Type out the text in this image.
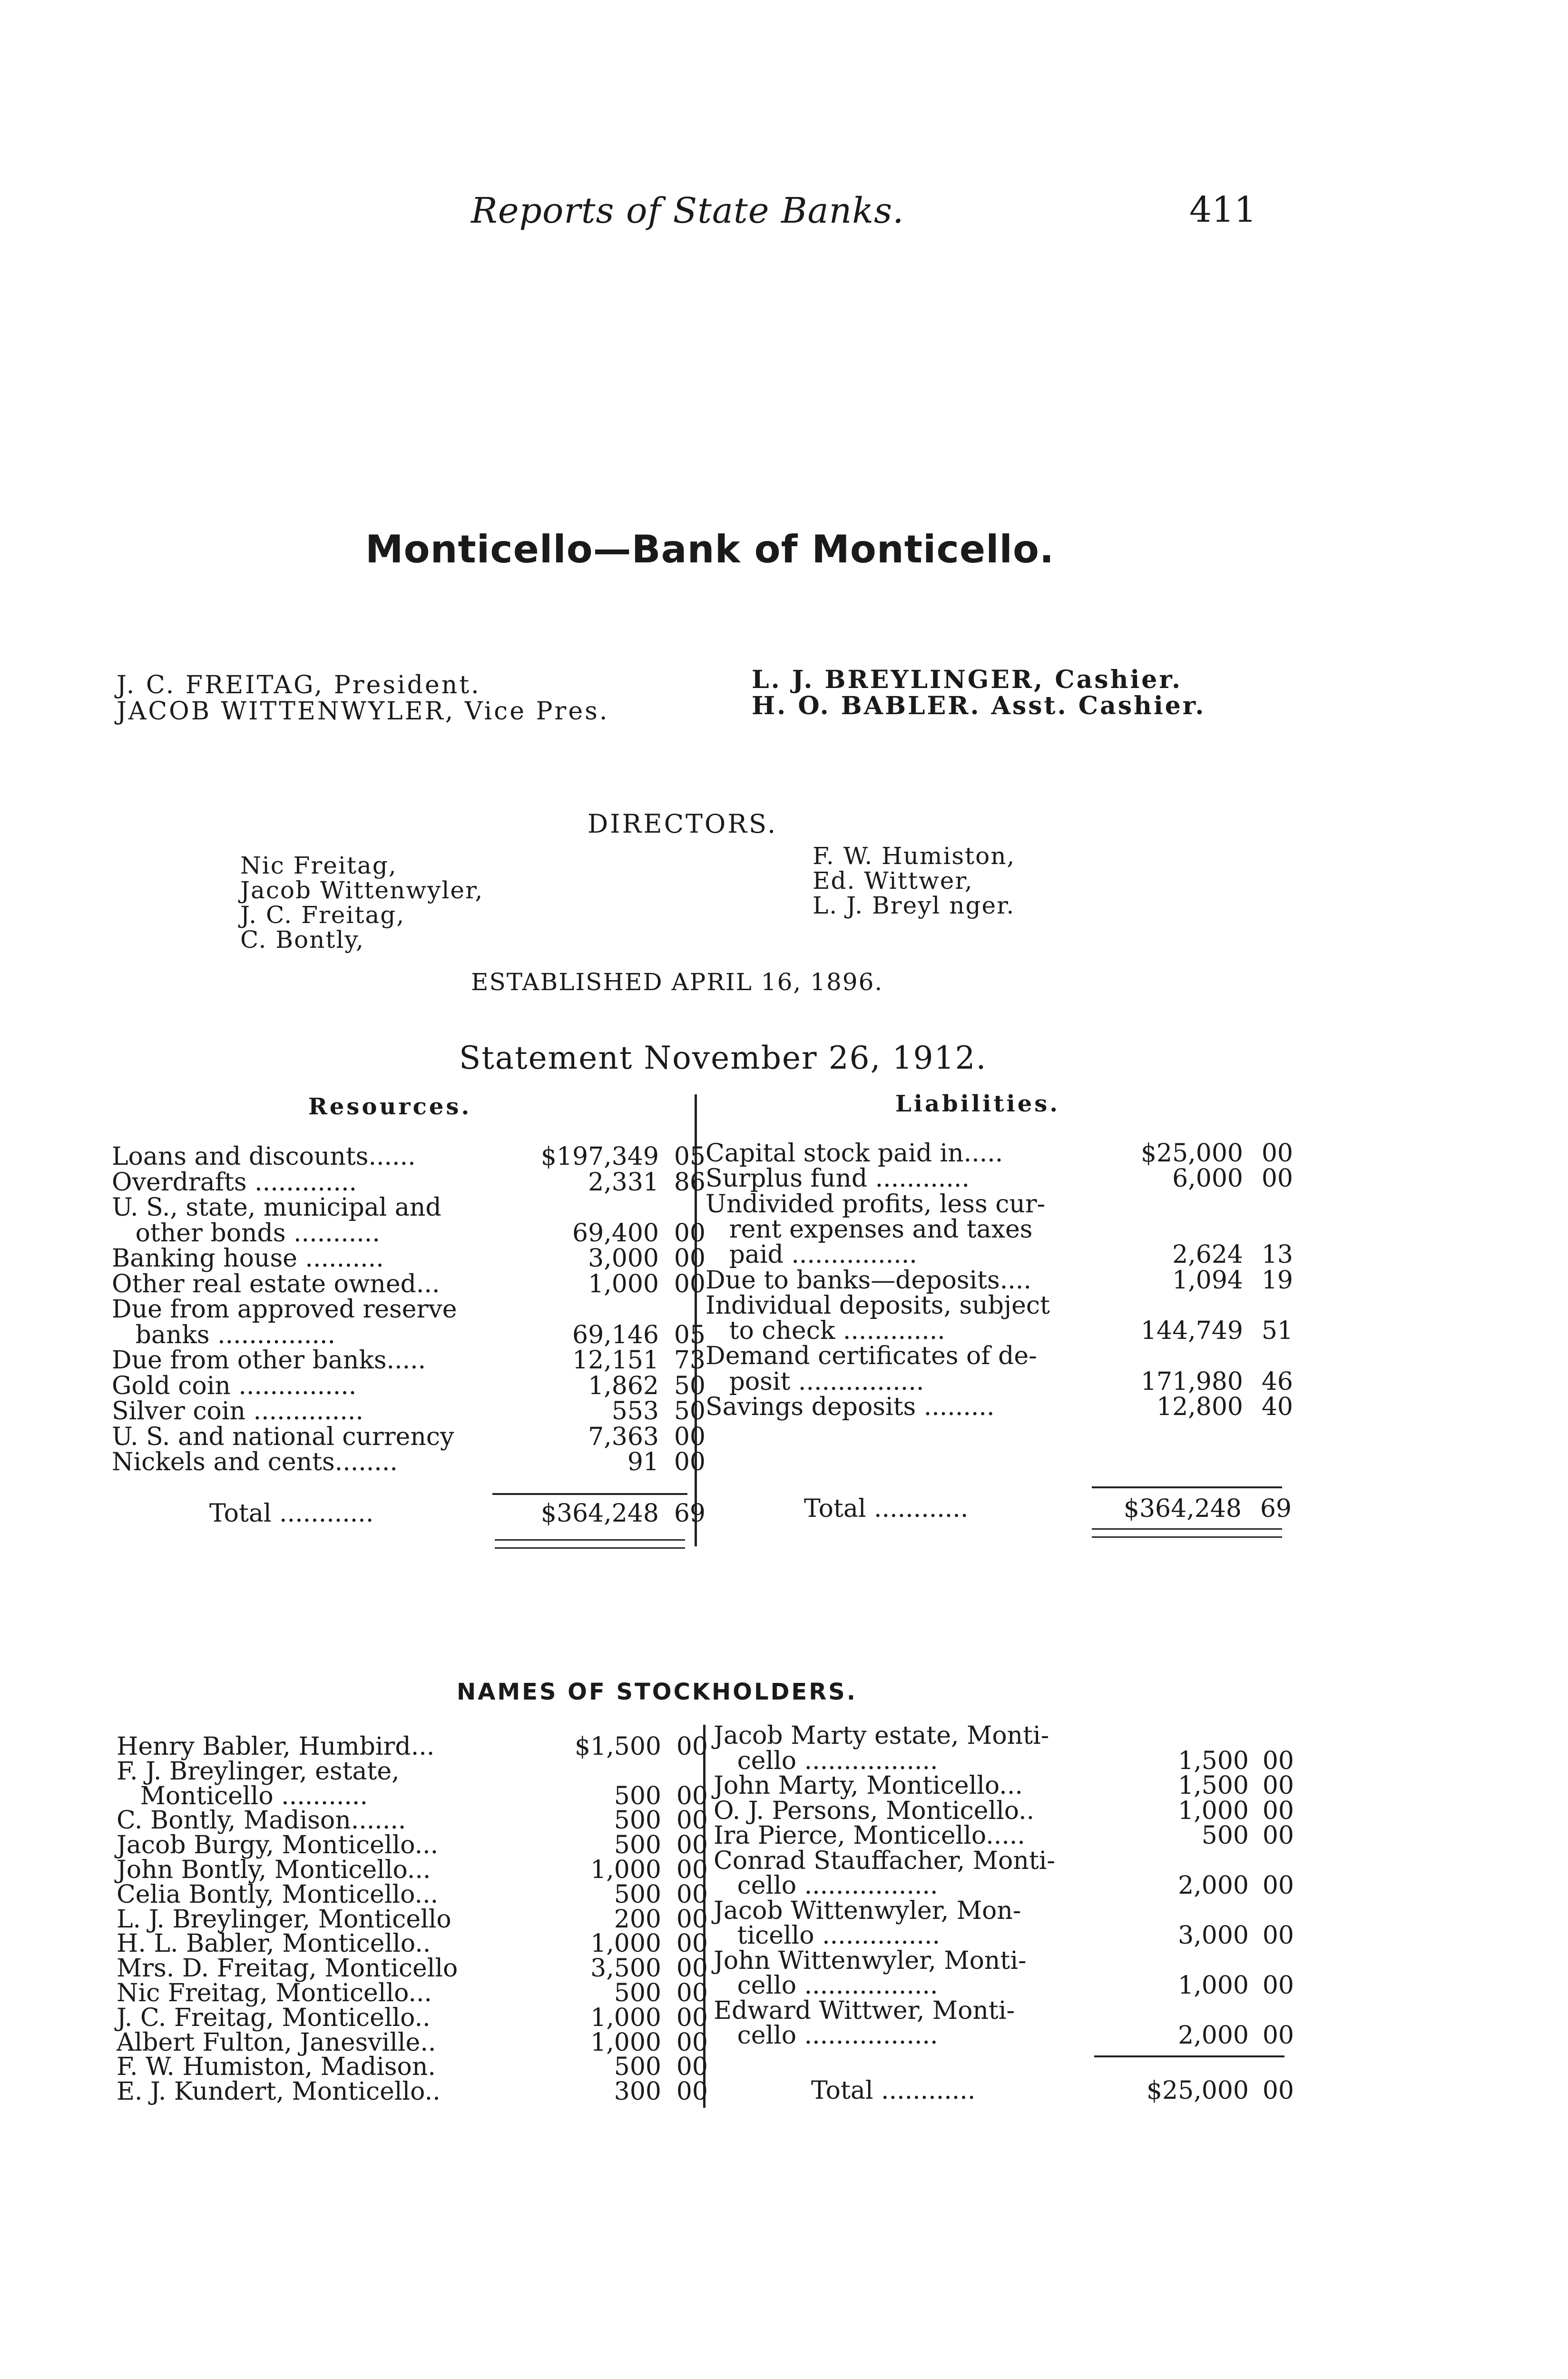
Reports of State Banks.	411
Monticello—Bank of Monticello.
J. C. FREITAG, President.
JACOB WITTENWYLER, Vice Pres.
L. J. BREYLINGER, Cashier.
H. O. BABLER. Asst. Cashier.
DIRECTORS.
Nic Freitag,
Jacob Wittenwyler,
J. C. Freitag,
C. Bontly,
F. W. Humiston,
Ed. Wittwer,
L. J. Breyl nger.
ESTABLISHED APRIL 16, 1896.
Statement November 26, 1912.
Resources.	Liabilities.
Loans and discounts......	$197,349 05
Overdrafts .............	2,331 86
U. S., state, municipal and
other bonds ...........	69,400 00
Banking house ..........	3,000 00
Other real estate owned...	1,000 00
Due from approved reserve
banks ...............	69,146 05
Due from other banks.....	12,151 73
Gold coin ...............	1,862 50
Silver coin ..............	553 50
U. S. and national currency	7,363 00
Nickels and cents........	91 00
Capital stock paid in.....	$25,000 00
Surplus fund ............	6,000 00
Undivided profits, less cur-
rent expenses and taxes
paid ................	2,624 13
Due to banks—deposits....	1,094 19
Individual deposits, subject
to check .............	144,749 51
Demand certificates of de-
posit ................	171,980 46
Savings deposits .........	12,800 40
Total ............	$364,248 69	Total ............	$364,248 69
NAMES OF STOCKHOLDERS.
Henry Babler, Humbird...	$1,500 00
F. J. Breylinger, estate,
Monticello ...........	500 00
C. Bontly, Madison.......	500 00
Jacob Burgy, Monticello...	500 00
John Bontly, Monticello...	1,000 00
Celia Bontly, Monticello...	500 00
L. J. Breylinger, Monticello	200 00
H. L. Babler, Monticello..	1,000 00
Mrs. D. Freitag, Monticello	3,500 00
Nic Freitag, Monticello...	500 00
J. C. Freitag, Monticello..	1,000 00
Albert Fulton, Janesville..	1,000 00
F. W. Humiston, Madison.	500 00
E. J. Kundert, Monticello..	300 00
Jacob Marty estate, Monti-
cello .................	1,500 00
John Marty, Monticello...	1,500 00
O. J. Persons, Monticello..	1,000 00
Ira Pierce, Monticello.....	500 00
Conrad Stauffacher, Monti-
cello .................	2,000 00
Jacob Wittenwyler, Mon-
ticello ...............	3,000 00
John Wittenwyler, Monti-
cello .................	1,000 00
Edward Wittwer, Monti-
cello .................	2,000 00
Total ............	$25,000 00
